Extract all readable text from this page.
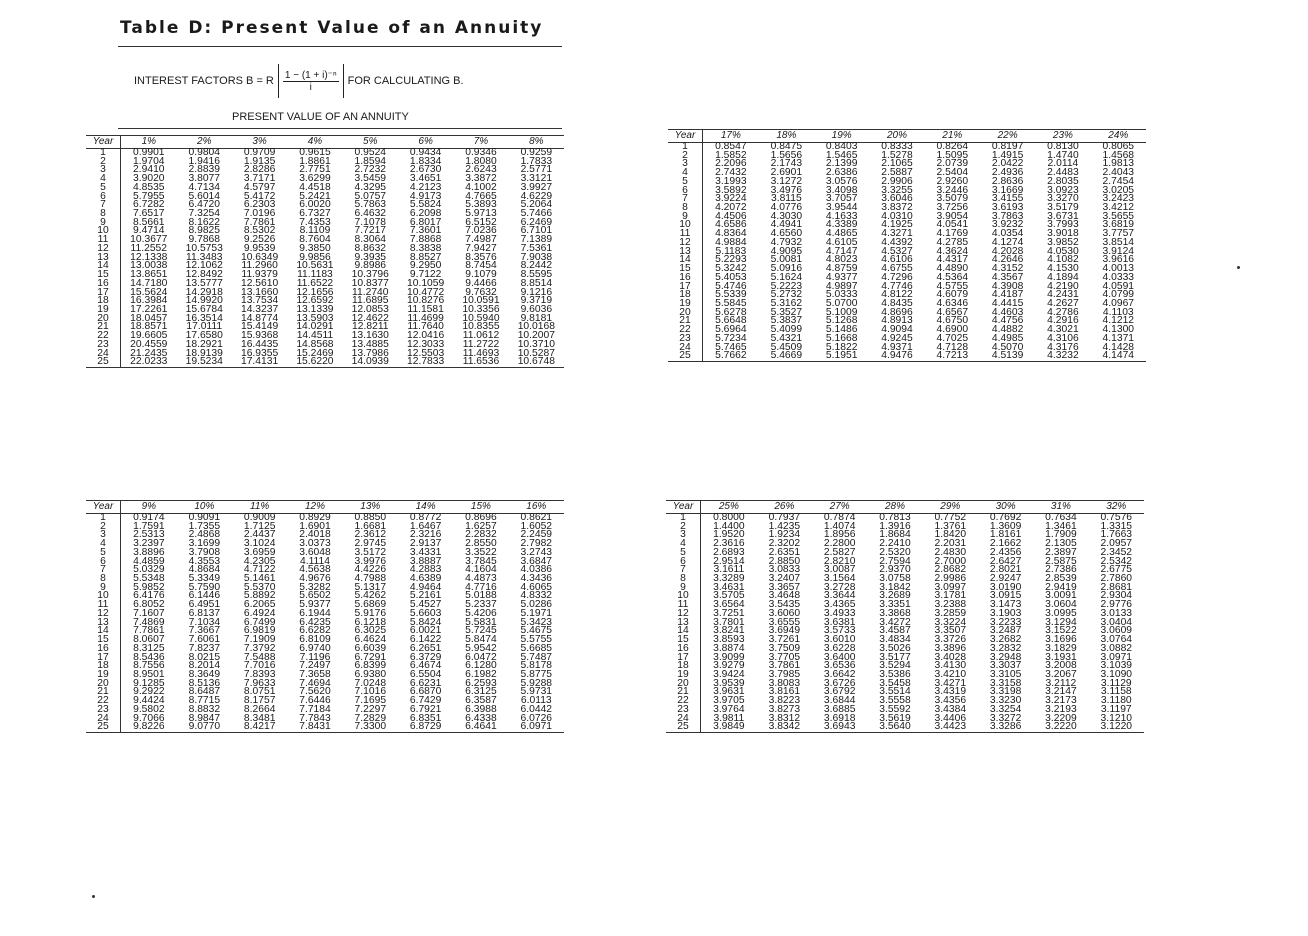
Table D: Present Value of an Annuity
INTEREST FACTORS B = R $\frac{\text{1 − (1 + i)⁻ⁿ}}{i}$ FOR CALCULATING B.
PRESENT VALUE OF AN ANNUITY
Year	1%	2%	3%	4%	5%	6%	7%	8%
1	0.9901	0.9804	0.9709	0.9615	0.9524	0.9434	0.9346	0.9259
2	1.9704	1.9416	1.9135	1.8861	1.8594	1.8334	1.8080	1.7833
3	2.9410	2.8839	2.8286	2.7751	2.7232	2.6730	2.6243	2.5771
4	3.9020	3.8077	3.7171	3.6299	3.5459	3.4651	3.3872	3.3121
5	4.8535	4.7134	4.5797	4.4518	4.3295	4.2123	4.1002	3.9927
6	5.7955	5.6014	5.4172	5.2421	5.0757	4.9173	4.7665	4.6229
7	6.7282	6.4720	6.2303	6.0020	5.7863	5.5824	5.3893	5.2064
8	7.6517	7.3254	7.0196	6.7327	6.4632	6.2098	5.9713	5.7466
9	8.5661	8.1622	7.7861	7.4353	7.1078	6.8017	6.5152	6.2469
10	9.4714	8.9825	8.5302	8.1109	7.7217	7.3601	7.0236	6.7101
11	10.3677	9.7868	9.2526	8.7604	8.3064	7.8868	7.4987	7.1389
12	11.2552	10.5753	9.9539	9.3850	8.8632	8.3838	7.9427	7.5361
13	12.1338	11.3483	10.6349	9.9856	9.3935	8.8527	8.3576	7.9038
14	13.0038	12.1062	11.2960	10.5631	9.8986	9.2950	8.7454	8.2442
15	13.8651	12.8492	11.9379	11.1183	10.3796	9.7122	9.1079	8.5595
16	14.7180	13.5777	12.5610	11.6522	10.8377	10.1059	9.4466	8.8514
17	15.5624	14.2918	13.1660	12.1656	11.2740	10.4772	9.7632	9.1216
18	16.3984	14.9920	13.7534	12.6592	11.6895	10.8276	10.0591	9.3719
19	17.2261	15.6784	14.3237	13.1339	12.0853	11.1581	10.3356	9.6036
20	18.0457	16.3514	14.8774	13.5903	12.4622	11.4699	10.5940	9.8181
21	18.8571	17.0111	15.4149	14.0291	12.8211	11.7640	10.8355	10.0168
22	19.6605	17.6580	15.9368	14.4511	13.1630	12.0416	11.0612	10.2007
23	20.4559	18.2921	16.4435	14.8568	13.4885	12.3033	11.2722	10.3710
24	21.2435	18.9139	16.9355	15.2469	13.7986	12.5503	11.4693	10.5287
25	22.0233	19.5234	17.4131	15.6220	14.0939	12.7833	11.6536	10.6748
Year	17%	18%	19%	20%	21%	22%	23%	24%
1	0.8547	0.8475	0.8403	0.8333	0.8264	0.8197	0.8130	0.8065
2	1.5852	1.5656	1.5465	1.5278	1.5095	1.4915	1.4740	1.4568
3	2.2096	2.1743	2.1399	2.1065	2.0739	2.0422	2.0114	1.9813
4	2.7432	2.6901	2.6386	2.5887	2.5404	2.4936	2.4483	2.4043
5	3.1993	3.1272	3.0576	2.9906	2.9260	2.8636	2.8035	2.7454
6	3.5892	3.4976	3.4098	3.3255	3.2446	3.1669	3.0923	3.0205
7	3.9224	3.8115	3.7057	3.6046	3.5079	3.4155	3.3270	3.2423
8	4.2072	4.0776	3.9544	3.8372	3.7256	3.6193	3.5179	3.4212
9	4.4506	4.3030	4.1633	4.0310	3.9054	3.7863	3.6731	3.5655
10	4.6586	4.4941	4.3389	4.1925	4.0541	3.9232	3.7993	3.6819
11	4.8364	4.6560	4.4865	4.3271	4.1769	4.0354	3.9018	3.7757
12	4.9884	4.7932	4.6105	4.4392	4.2785	4.1274	3.9852	3.8514
13	5.1183	4.9095	4.7147	4.5327	4.3624	4.2028	4.0530	3.9124
14	5.2293	5.0081	4.8023	4.6106	4.4317	4.2646	4.1082	3.9616
15	5.3242	5.0916	4.8759	4.6755	4.4890	4.3152	4.1530	4.0013
16	5.4053	5.1624	4.9377	4.7296	4.5364	4.3567	4.1894	4.0333
17	5.4746	5.2223	4.9897	4.7746	4.5755	4.3908	4.2190	4.0591
18	5.5339	5.2732	5.0333	4.8122	4.6079	4.4187	4.2431	4.0799
19	5.5845	5.3162	5.0700	4.8435	4.6346	4.4415	4.2627	4.0967
20	5.6278	5.3527	5.1009	4.8696	4.6567	4.4603	4.2786	4.1103
21	5.6648	5.3837	5.1268	4.8913	4.6750	4.4756	4.2916	4.1212
22	5.6964	5.4099	5.1486	4.9094	4.6900	4.4882	4.3021	4.1300
23	5.7234	5.4321	5.1668	4.9245	4.7025	4.4985	4.3106	4.1371
24	5.7465	5.4509	5.1822	4.9371	4.7128	4.5070	4.3176	4.1428
25	5.7662	5.4669	5.1951	4.9476	4.7213	4.5139	4.3232	4.1474
Year	9%	10%	11%	12%	13%	14%	15%	16%
1	0.9174	0.9091	0.9009	0.8929	0.8850	0.8772	0.8696	0.8621
2	1.7591	1.7355	1.7125	1.6901	1.6681	1.6467	1.6257	1.6052
3	2.5313	2.4868	2.4437	2.4018	2.3612	2.3216	2.2832	2.2459
4	3.2397	3.1699	3.1024	3.0373	2.9745	2.9137	2.8550	2.7982
5	3.8896	3.7908	3.6959	3.6048	3.5172	3.4331	3.3522	3.2743
6	4.4859	4.3553	4.2305	4.1114	3.9976	3.8887	3.7845	3.6847
7	5.0329	4.8684	4.7122	4.5638	4.4226	4.2883	4.1604	4.0386
8	5.5348	5.3349	5.1461	4.9676	4.7988	4.6389	4.4873	4.3436
9	5.9852	5.7590	5.5370	5.3282	5.1317	4.9464	4.7716	4.6065
10	6.4176	6.1446	5.8892	5.6502	5.4262	5.2161	5.0188	4.8332
11	6.8052	6.4951	6.2065	5.9377	5.6869	5.4527	5.2337	5.0286
12	7.1607	6.8137	6.4924	6.1944	5.9176	5.6603	5.4206	5.1971
13	7.4869	7.1034	6.7499	6.4235	6.1218	5.8424	5.5831	5.3423
14	7.7861	7.3667	6.9819	6.6282	6.3025	6.0021	5.7245	5.4675
15	8.0607	7.6061	7.1909	6.8109	6.4624	6.1422	5.8474	5.5755
16	8.3125	7.8237	7.3792	6.9740	6.6039	6.2651	5.9542	5.6685
17	8.5436	8.0215	7.5488	7.1196	6.7291	6.3729	6.0472	5.7487
18	8.7556	8.2014	7.7016	7.2497	6.8399	6.4674	6.1280	5.8178
19	8.9501	8.3649	7.8393	7.3658	6.9380	6.5504	6.1982	5.8775
20	9.1285	8.5136	7.9633	7.4694	7.0248	6.6231	6.2593	5.9288
21	9.2922	8.6487	8.0751	7.5620	7.1016	6.6870	6.3125	5.9731
22	9.4424	8.7715	8.1757	7.6446	7.1695	6.7429	6.3587	6.0113
23	9.5802	8.8832	8.2664	7.7184	7.2297	6.7921	6.3988	6.0442
24	9.7066	8.9847	8.3481	7.7843	7.2829	6.8351	6.4338	6.0726
25	9.8226	9.0770	8.4217	7.8431	7.3300	6.8729	6.4641	6.0971
Year	25%	26%	27%	28%	29%	30%	31%	32%
1	0.8000	0.7937	0.7874	0.7813	0.7752	0.7692	0.7634	0.7576
2	1.4400	1.4235	1.4074	1.3916	1.3761	1.3609	1.3461	1.3315
3	1.9520	1.9234	1.8956	1.8684	1.8420	1.8161	1.7909	1.7663
4	2.3616	2.3202	2.2800	2.2410	2.2031	2.1662	2.1305	2.0957
5	2.6893	2.6351	2.5827	2.5320	2.4830	2.4356	2.3897	2.3452
6	2.9514	2.8850	2.8210	2.7594	2.7000	2.6427	2.5875	2.5342
7	3.1611	3.0833	3.0087	2.9370	2.8682	2.8021	2.7386	2.6775
8	3.3289	3.2407	3.1564	3.0758	2.9986	2.9247	2.8539	2.7860
9	3.4631	3.3657	3.2728	3.1842	3.0997	3.0190	2.9419	2.8681
10	3.5705	3.4648	3.3644	3.2689	3.1781	3.0915	3.0091	2.9304
11	3.6564	3.5435	3.4365	3.3351	3.2388	3.1473	3.0604	2.9776
12	3.7251	3.6060	3.4933	3.3868	3.2859	3.1903	3.0995	3.0133
13	3.7801	3.6555	3.6381	3.4272	3.3224	3.2233	3.1294	3.0404
14	3.8241	3.6949	3.5733	3.4587	3.3507	3.2487	3.1522	3.0609
15	3.8593	3.7261	3.6010	3.4834	3.3726	3.2682	3.1696	3.0764
16	3.8874	3.7509	3.6228	3.5026	3.3896	3.2832	3.1829	3.0882
17	3.9099	3.7705	3.6400	3.5177	3.4028	3.2948	3.1931	3.0971
18	3.9279	3.7861	3.6536	3.5294	3.4130	3.3037	3.2008	3.1039
19	3.9424	3.7985	3.6642	3.5386	3.4210	3.3105	3.2067	3.1090
20	3.9539	3.8083	3.6726	3.5458	3.4271	3.3158	3.2112	3.1129
21	3.9631	3.8161	3.6792	3.5514	3.4319	3.3198	3.2147	3.1158
22	3.9705	3.8223	3.6844	3.5558	3.4356	3.3230	3.2173	3.1180
23	3.9764	3.8273	3.6885	3.5592	3.4384	3.3254	3.2193	3.1197
24	3.9811	3.8312	3.6918	3.5619	3.4406	3.3272	3.2209	3.1210
25	3.9849	3.8342	3.6943	3.5640	3.4423	3.3286	3.2220	3.1220
